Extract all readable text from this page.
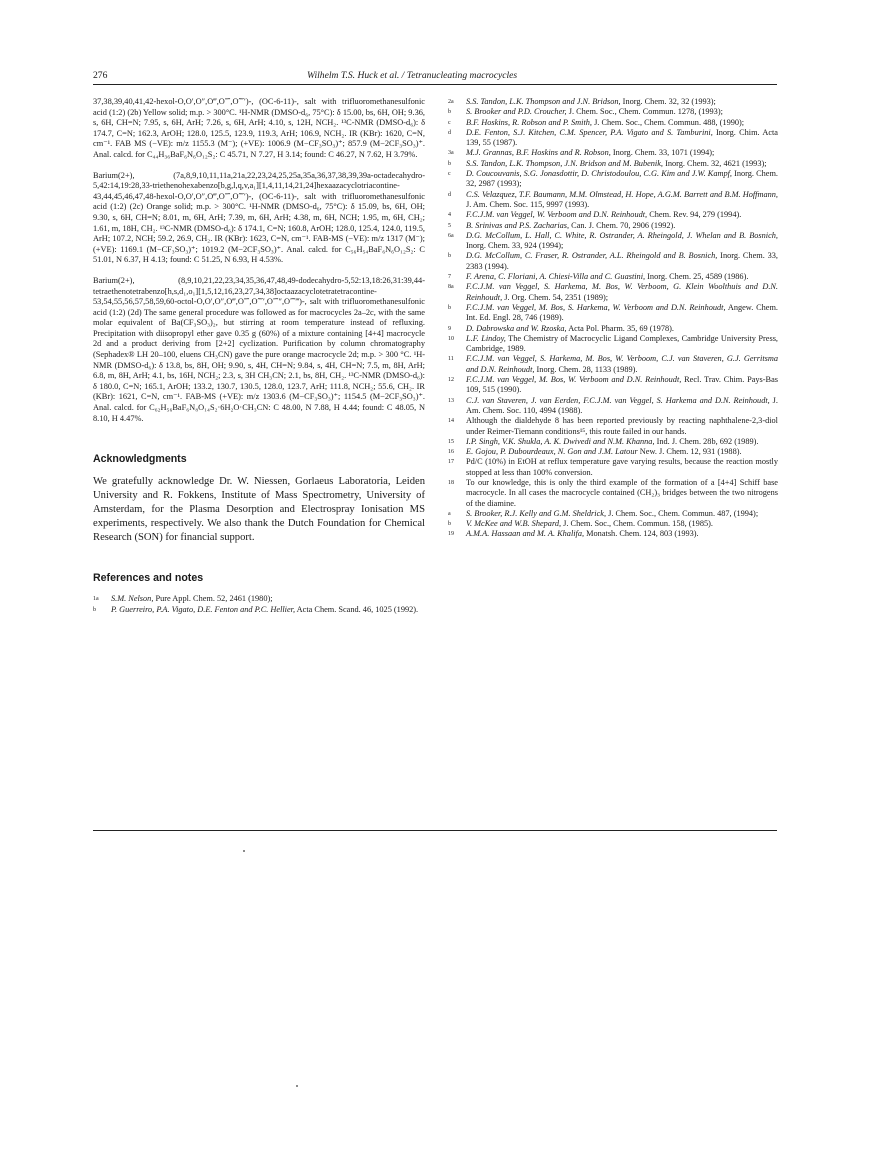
276	Wilhelm T.S. Huck et al. / Tetranucleating macrocycles

37,38,39,40,41,42-hexol-O,O′,O″,O‴,O⁗,O⁗′)-, (OC-6-11)-, salt with trifluoromethanesulfonic acid (1:2) (2b) Yellow solid; m.p. > 300°C. ¹H-NMR (DMSO-d₆, 75°C): δ 15.00, bs, 6H, OH; 9.36, s, 6H, CH=N; 7.95, s, 6H, ArH; 7.26, s, 6H, ArH; 4.10, s, 12H, NCH₂. ¹³C-NMR (DMSO-d₆): δ 174.7, C=N; 162.3, ArOH; 128.0, 125.5, 123.9, 119.3, ArH; 106.9, NCH₂. IR (KBr): 1620, C=N, cm⁻¹. FAB MS (−VE): m/z 1155.3 (M⁻); (+VE): 1006.9 (M−CF₃SO₃)⁺; 857.9 (M−2CF₃SO₃)⁺. Anal. calcd. for C₄₄H₃₆BaF₆N₆O₁₂S₂: C 45.71, N 7.27, H 3.14; found: C 46.27, N 7.62, H 3.79%.

Barium(2+), (7a,8,9,10,11,11a,21a,22,23,24,25,25a,35a,36,37,38,39,39a-octadecahydro-5,42:14,19:28,33-triethenohexabenzo[b,g,l,q,v,a₁][1,4,11,14,21,24]hexaazacyclotriacontine-43,44,45,46,47,48-hexol-O,O′,O″,O‴,O⁗,O⁗′)-, (OC-6-11)-, salt with trifluoromethanesulfonic acid (1:2) (2c) Orange solid; m.p. > 300°C. ¹H-NMR (DMSO-d₆, 75°C): δ 15.09, bs, 6H, OH; 9.30, s, 6H, CH=N; 8.01, m, 6H, ArH; 7.39, m, 6H, ArH; 4.38, m, 6H, NCH; 1.95, m, 6H, CH₂; 1.61, m, 18H, CH₂. ¹³C-NMR (DMSO-d₆): δ 174.1, C=N; 160.8, ArOH; 128.0, 125.4, 124.0, 119.5, ArH; 107.2, NCH; 59.2, 26.9, CH₂. IR (KBr): 1623, C=N, cm⁻¹. FAB-MS (−VE): m/z 1317 (M⁻); (+VE): 1169.1 (M−CF₃SO₃)⁺; 1019.2 (M−2CF₃SO₃)⁺. Anal. calcd. for C₅₆H₅₄BaF₆N₆O₁₂S₂: C 51.01, N 6.37, H 4.13; found: C 51.25, N 6.93, H 4.53%.

Barium(2+), (8,9,10,21,22,23,34,35,36,47,48,49-dodecahydro-5,52:13,18:26,31:39,44-tetraethenotetrabenzo[h,s,d₁,o₁][1,5,12,16,23,27,34,38]octaazacyclotetratetracontine-53,54,55,56,57,58,59,60-octol-O,O′,O″,O‴,O⁗,O⁗′,O⁗″,O⁗‴)-, salt with trifluoromethanesulfonic acid (1:2) (2d) The same general procedure was followed as for macrocycles 2a–2c, with the same molar equivalent of Ba(CF₃SO₃)₂, but stirring at room temperature instead of refluxing. Precipitation with diisopropyl ether gave 0.35 g (60%) of a mixture containing [4+4] macrocycle 2d and a product deriving from [2+2] cyclization. Purification by column chromatography (Sephadex® LH 20–100, eluens CH₃CN) gave the pure orange macrocycle 2d; m.p. > 300 °C. ¹H-NMR (DMSO-d₆): δ 13.8, bs, 8H, OH; 9.90, s, 4H, CH=N; 9.84, s, 4H, CH=N; 7.5, m, 8H, ArH; 6.8, m, 8H, ArH; 4.1, bs, 16H, NCH₂; 2.3, s, 3H CH₃CN; 2.1, bs, 8H, CH₂. ¹³C-NMR (DMSO-d₆): δ 180.0, C=N; 165.1, ArOH; 133.2, 130.7, 130.5, 128.0, 123.7, ArH; 111.8, NCH₂; 55.6, CH₂. IR (KBr): 1621, C=N, cm⁻¹. FAB-MS (+VE): m/z 1303.6 (M−CF₃SO₃)⁺; 1154.5 (M−2CF₃SO₃)⁺. Anal. calcd. for C₆₂H₅₆BaF₆N₈O₁₄S₂·6H₂O·CH₃CN: C 48.00, N 7.88, H 4.44; found: C 48.05, N 8.10, H 4.47%.

Acknowledgments

We gratefully acknowledge Dr. W. Niessen, Gorlaeus Laboratoria, Leiden University and R. Fokkens, Institute of Mass Spectrometry, University of Amsterdam, for the Plasma Desorption and Electrospray Ionisation MS experiments, respectively. We also thank the Dutch Foundation for Chemical Research (SON) for financial support.

References and notes
1a	S.M. Nelson, Pure Appl. Chem. 52, 2461 (1980);
b	P. Guerreiro, P.A. Vigato, D.E. Fenton and P.C. Hellier, Acta Chem. Scand. 46, 1025 (1992).
2a	S.S. Tandon, L.K. Thompson and J.N. Bridson, Inorg. Chem. 32, 32 (1993);
b	S. Brooker and P.D. Croucher, J. Chem. Soc., Chem. Commun. 1278, (1993);
c	B.F. Hoskins, R. Robson and P. Smith, J. Chem. Soc., Chem. Commun. 488, (1990);
d	D.E. Fenton, S.J. Kitchen, C.M. Spencer, P.A. Vigato and S. Tamburini, Inorg. Chim. Acta 139, 55 (1987).
3a	M.J. Grannas, B.F. Hoskins and R. Robson, Inorg. Chem. 33, 1071 (1994);
b	S.S. Tandon, L.K. Thompson, J.N. Bridson and M. Bubenik, Inorg. Chem. 32, 4621 (1993);
c	D. Coucouvanis, S.G. Jonasdottir, D. Christodoulou, C.G. Kim and J.W. Kampf, Inorg. Chem. 32, 2987 (1993);
d	C.S. Velazquez, T.F. Baumann, M.M. Olmstead, H. Hope, A.G.M. Barrett and B.M. Hoffmann, J. Am. Chem. Soc. 115, 9997 (1993).
4	F.C.J.M. van Veggel, W. Verboom and D.N. Reinhoudt, Chem. Rev. 94, 279 (1994).
5	B. Srinivas and P.S. Zacharias, Can. J. Chem. 70, 2906 (1992).
6a	D.G. McCollum, L. Hall, C. White, R. Ostrander, A. Rheingold, J. Whelan and B. Bosnich, Inorg. Chem. 33, 924 (1994);
b	D.G. McCollum, C. Fraser, R. Ostrander, A.L. Rheingold and B. Bosnich, Inorg. Chem. 33, 2383 (1994).
7	F. Arena, C. Floriani, A. Chiesi-Villa and C. Guastini, Inorg. Chem. 25, 4589 (1986).
8a	F.C.J.M. van Veggel, S. Harkema, M. Bos, W. Verboom, G. Klein Woolthuis and D.N. Reinhoudt, J. Org. Chem. 54, 2351 (1989);
b	F.C.J.M. van Veggel, M. Bos, S. Harkema, W. Verboom and D.N. Reinhoudt, Angew. Chem. Int. Ed. Engl. 28, 746 (1989).
9	D. Dabrowska and W. Rzoska, Acta Pol. Pharm. 35, 69 (1978).
10	L.F. Lindoy, The Chemistry of Macrocyclic Ligand Complexes, Cambridge University Press, Cambridge, 1989.
11	F.C.J.M. van Veggel, S. Harkema, M. Bos, W. Verboom, C.J. van Staveren, G.J. Gerritsma and D.N. Reinhoudt, Inorg. Chem. 28, 1133 (1989).
12	F.C.J.M. van Veggel, M. Bos, W. Verboom and D.N. Reinhoudt, Recl. Trav. Chim. Pays-Bas 109, 515 (1990).
13	C.J. van Staveren, J. van Eerden, F.C.J.M. van Veggel, S. Harkema and D.N. Reinhoudt, J. Am. Chem. Soc. 110, 4994 (1988).
14	Although the dialdehyde 8 has been reported previously by reacting naphthalene-2,3-diol under Reimer-Tiemann conditions¹⁵, this route failed in our hands.
15	I.P. Singh, V.K. Shukla, A. K. Dwivedi and N.M. Khanna, Ind. J. Chem. 28b, 692 (1989).
16	E. Gojou, P. Dubourdeaux, N. Gon and J.M. Latour New. J. Chem. 12, 931 (1988).
17	Pd/C (10%) in EtOH at reflux temperature gave varying results, because the reaction mostly stopped at less than 100% conversion.
18	To our knowledge, this is only the third example of the formation of a [4+4] Schiff base macrocycle. In all cases the macrocycle contained (CH₂)₃ bridges between the two nitrogens of the diamine.
a	S. Brooker, R.J. Kelly and G.M. Sheldrick, J. Chem. Soc., Chem. Commun. 487, (1994);
b	V. McKee and W.B. Shepard, J. Chem. Soc., Chem. Commun. 158, (1985).
19	A.M.A. Hassaan and M. A. Khalifa, Monatsh. Chem. 124, 803 (1993).
